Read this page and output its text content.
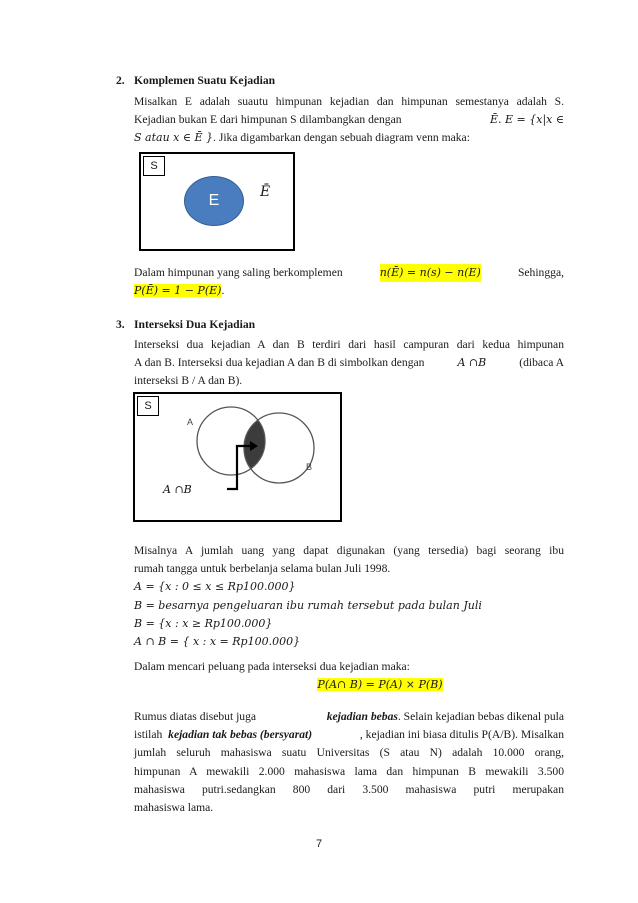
2. Komplemen Suatu Kejadian
Misalkan E adalah suautu himpunan kejadian dan himpunan semestanya adalah S.
Kejadian bukan E dari himpunan S dilambangkan dengan	Ē. E = {x|x ∈
S atau x ∈ Ē }. Jika digambarkan dengan sebuah diagram venn maka:
S
E	Ē
Dalam himpunan yang saling berkomplemen	n(Ē) = n(s) − n(E)	Sehingga,
P(Ē) = 1 − P(E).
3. Interseksi Dua Kejadian
Interseksi dua kejadian A dan B terdiri dari hasil campuran dari kedua himpunan
A dan B. Interseksi dua kejadian A dan B di simbolkan dengan	A ∩B	(dibaca A
interseksi B / A dan B).
S
A
B
A ∩B
Misalnya A jumlah uang yang dapat digunakan (yang tersedia) bagi seorang ibu
rumah tangga untuk berbelanja selama bulan Juli 1998.
A = {x : 0 ≤ x ≤ Rp100.000}
B = besarnya pengeluaran ibu rumah tersebut pada bulan Juli
B = {x : x ≥ Rp100.000}
A ∩ B = { x : x = Rp100.000}
Dalam mencari peluang pada interseksi dua kejadian maka:
P(A∩ B) = P(A) × P(B)
Rumus diatas disebut juga	kejadian bebas. Selain kejadian bebas dikenal pula
istilah kejadian tak bebas (bersyarat)	, kejadian ini biasa ditulis P(A/B). Misalkan
jumlah seluruh mahasiswa suatu Universitas (S atau N) adalah 10.000 orang,
himpunan A mewakili 2.000 mahasiswa lama dan himpunan B mewakili 3.500
mahasiswa putri.sedangkan 800 dari 3.500 mahasiswa putri merupakan
mahasiswa lama.
7
